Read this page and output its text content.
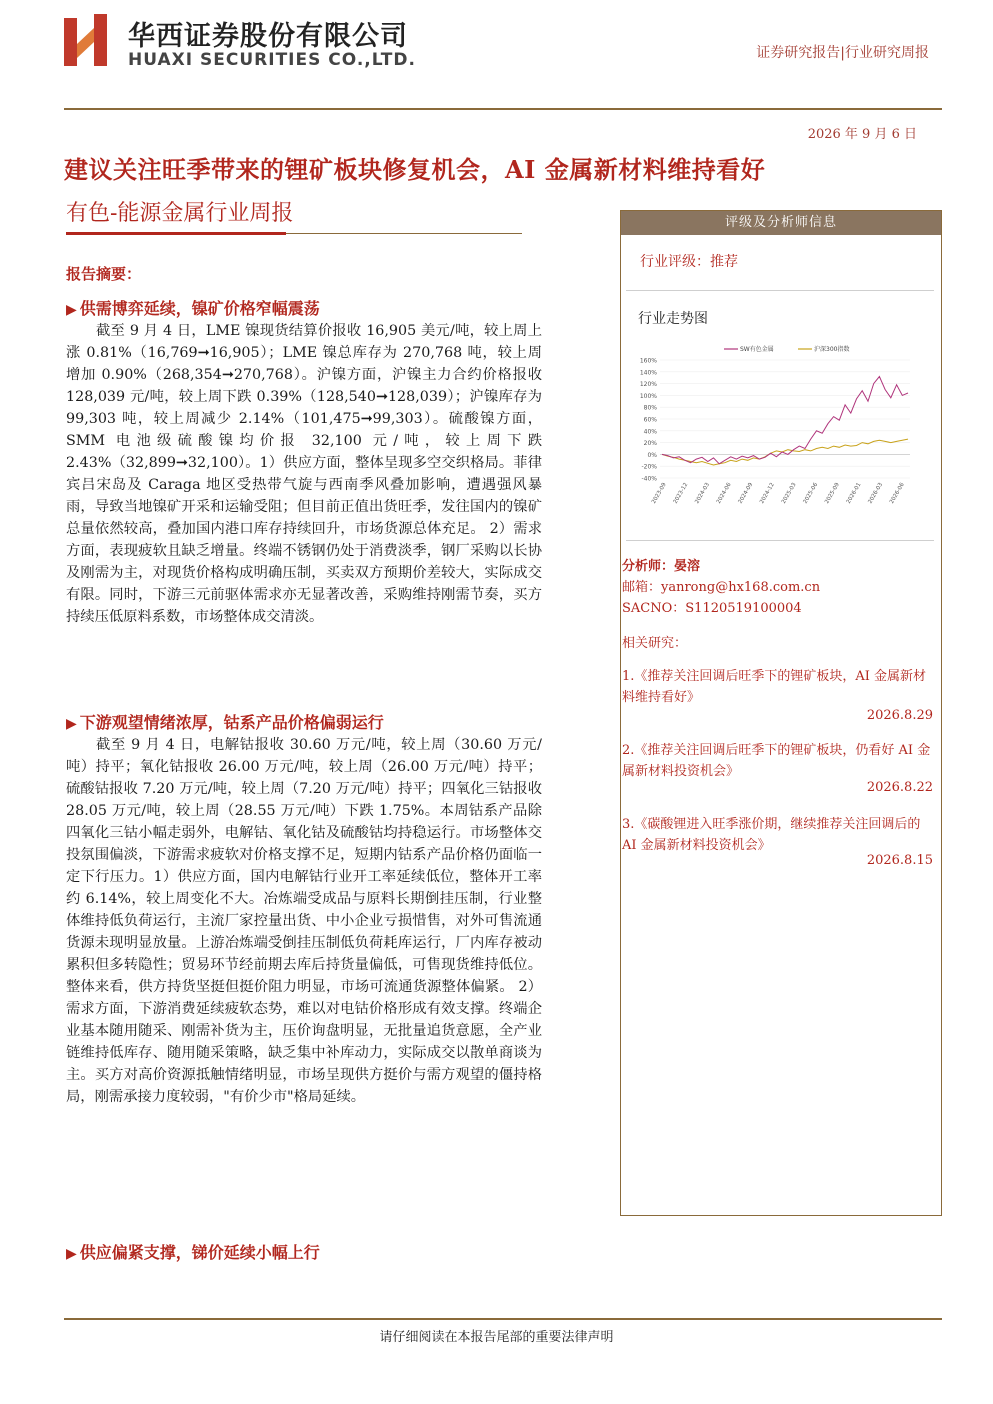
华西证券股份有限公司
HUAXI SECURITIES CO.,LTD.	证券研究报告|行业研究周报
2026 年 9 月 6 日
建议关注旺季带来的锂矿板块修复机会，AI 金属新材料维持看好
有色-能源金属行业周报
报告摘要：
▶ 供需博弈延续，镍矿价格窄幅震荡
截至 9 月 4 日，LME 镍现货结算价报收 16,905 美元/吨，较上周上涨 0.81%（16,769➞16,905）；LME 镍总库存为 270,768 吨，较上周增加 0.90%（268,354➞270,768）。沪镍方面，沪镍主力合约价格报收 128,039 元/吨，较上周下跌 0.39%（128,540➞128,039）；沪镍库存为 99,303 吨，较上周减少 2.14%（101,475➞99,303）。硫酸镍方面，SMM 电池级硫酸镍均价报 32,100 元/吨，较上周下跌 2.43%（32,899➞32,100）。1）供应方面，整体呈现多空交织格局。菲律宾吕宋岛及 Caraga 地区受热带气旋与西南季风叠加影响，遭遇强风暴雨，导致当地镍矿开采和运输受阻；但目前正值出货旺季，发往国内的镍矿总量依然较高，叠加国内港口库存持续回升，市场货源总体充足。 2）需求方面，表现疲软且缺乏增量。终端不锈钢仍处于消费淡季，钢厂采购以长协及刚需为主，对现货价格构成明确压制，买卖双方预期价差较大，实际成交有限。同时，下游三元前驱体需求亦无显著改善，采购维持刚需节奏，买方持续压低原料系数，市场整体成交清淡。
▶ 下游观望情绪浓厚，钴系产品价格偏弱运行
截至 9 月 4 日，电解钴报收 30.60 万元/吨，较上周（30.60 万元/吨）持平；氧化钴报收 26.00 万元/吨，较上周（26.00 万元/吨）持平；硫酸钴报收 7.20 万元/吨，较上周（7.20 万元/吨）持平；四氧化三钴报收 28.05 万元/吨，较上周（28.55 万元/吨）下跌 1.75%。本周钴系产品除四氧化三钴小幅走弱外，电解钴、氧化钴及硫酸钴均持稳运行。市场整体交投氛围偏淡，下游需求疲软对价格支撑不足，短期内钴系产品价格仍面临一定下行压力。1）供应方面，国内电解钴行业开工率延续低位，整体开工率约 6.14%，较上周变化不大。冶炼端受成品与原料长期倒挂压制，行业整体维持低负荷运行，主流厂家控量出货、中小企业亏损惜售，对外可售流通货源未现明显放量。上游冶炼端受倒挂压制低负荷耗库运行，厂内库存被动累积但多转隐性；贸易环节经前期去库后持货量偏低，可售现货维持低位。整体来看，供方持货坚挺但挺价阻力明显，市场可流通货源整体偏紧。 2）需求方面，下游消费延续疲软态势，难以对电钴价格形成有效支撑。终端企业基本随用随采、刚需补货为主，压价询盘明显，无批量追货意愿，全产业链维持低库存、随用随采策略，缺乏集中补库动力，实际成交以散单商谈为主。买方对高价资源抵触情绪明显，市场呈现供方挺价与需方观望的僵持格局，刚需承接力度较弱，"有价少市"格局延续。
▶ 供应偏紧支撑，锑价延续小幅上行
评级及分析师信息
行业评级：推荐
行业走势图
160%
140%
120%
100%
80%
60%
40%
20%
0%
-20%
-40%
2023-09 2023-12 2024-03 2024-06 2024-09 2024-12 2025-03 2025-06 2025-09 2026-01 2026-03 2026-06
SW有色金属	沪深300指数
分析师：晏溶
邮箱：yanrong@hx168.com.cn
SACNO：S1120519100004
相关研究：
1.《推荐关注回调后旺季下的锂矿板块，AI 金属新材料维持看好》
2026.8.29
2.《推荐关注回调后旺季下的锂矿板块，仍看好 AI 金属新材料投资机会》
2026.8.22
3.《碳酸锂进入旺季涨价期，继续推荐关注回调后的 AI 金属新材料投资机会》
2026.8.15
请仔细阅读在本报告尾部的重要法律声明
